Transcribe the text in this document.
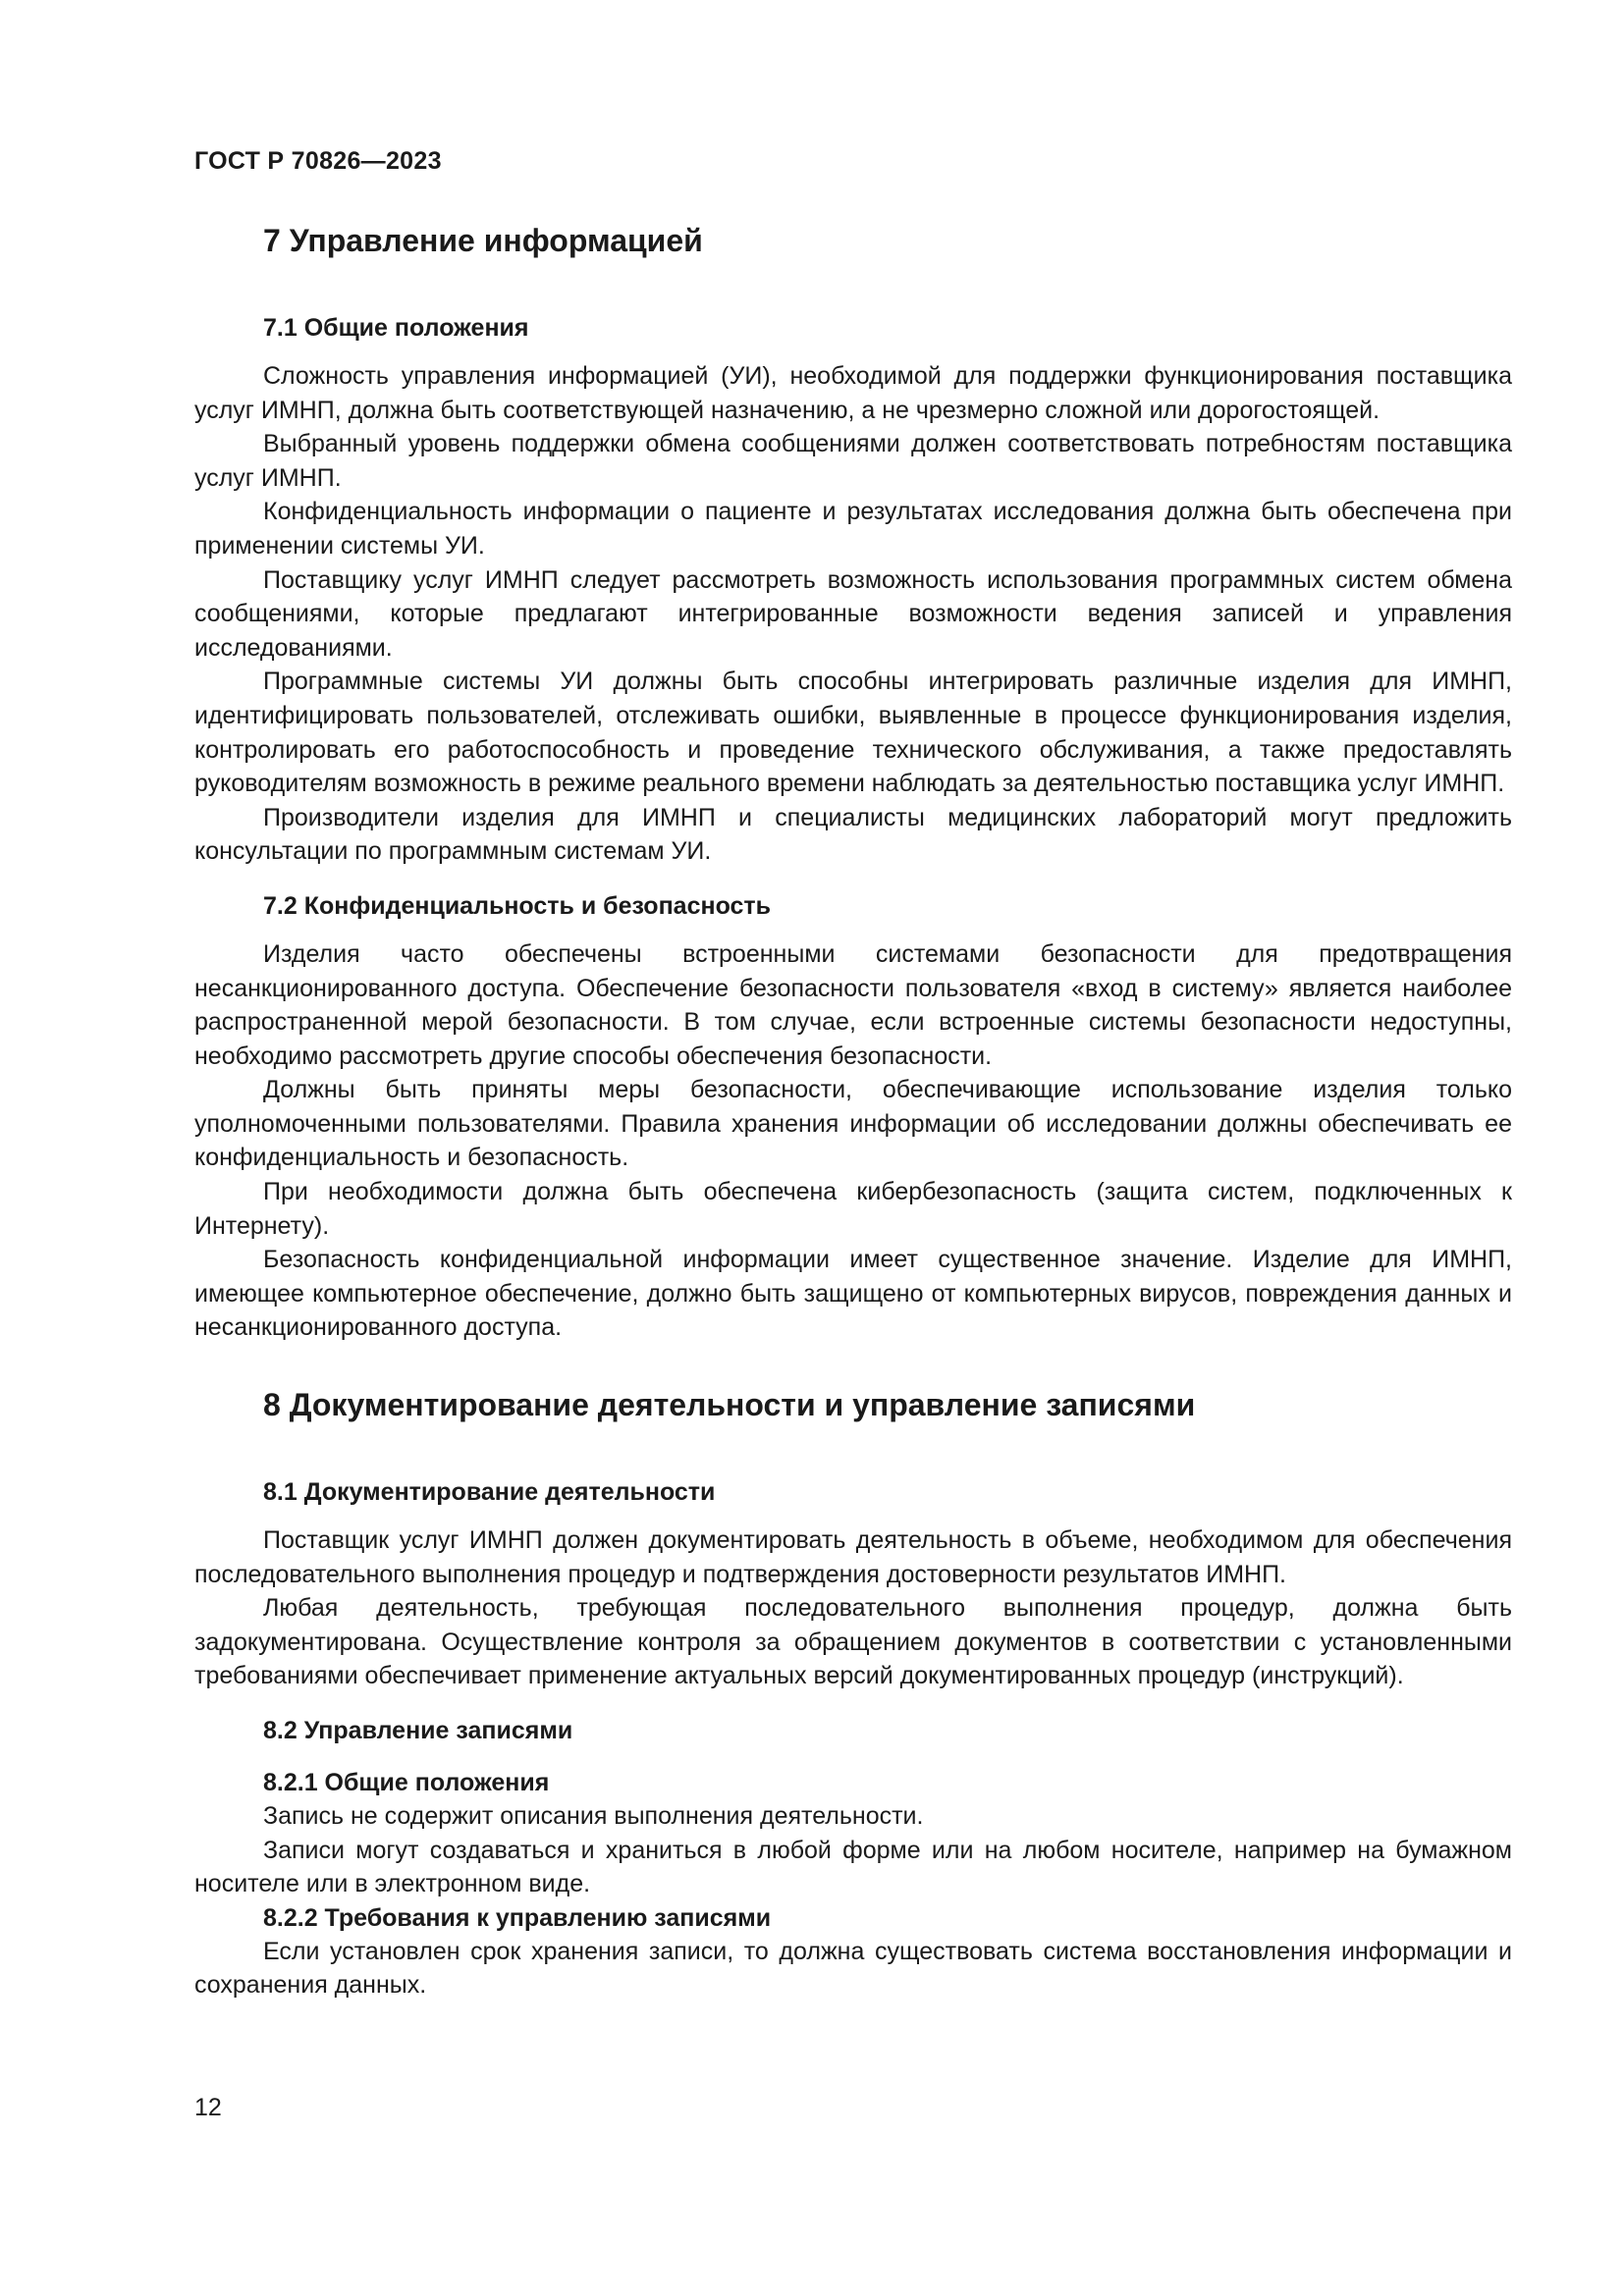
ГОСТ Р 70826—2023
7 Управление информацией
7.1 Общие положения

Сложность управления информацией (УИ), необходимой для поддержки функционирования поставщика услуг ИМНП, должна быть соответствующей назначению, а не чрезмерно сложной или дорогостоящей.

Выбранный уровень поддержки обмена сообщениями должен соответствовать потребностям поставщика услуг ИМНП.

Конфиденциальность информации о пациенте и результатах исследования должна быть обеспечена при применении системы УИ.

Поставщику услуг ИМНП следует рассмотреть возможность использования программных систем обмена сообщениями, которые предлагают интегрированные возможности ведения записей и управления исследованиями.

Программные системы УИ должны быть способны интегрировать различные изделия для ИМНП, идентифицировать пользователей, отслеживать ошибки, выявленные в процессе функционирования изделия, контролировать его работоспособность и проведение технического обслуживания, а также предоставлять руководителям возможность в режиме реального времени наблюдать за деятельностью поставщика услуг ИМНП.

Производители изделия для ИМНП и специалисты медицинских лабораторий могут предложить консультации по программным системам УИ.

7.2 Конфиденциальность и безопасность

Изделия часто обеспечены встроенными системами безопасности для предотвращения несанкционированного доступа. Обеспечение безопасности пользователя «вход в систему» является наиболее распространенной мерой безопасности. В том случае, если встроенные системы безопасности недоступны, необходимо рассмотреть другие способы обеспечения безопасности.

Должны быть приняты меры безопасности, обеспечивающие использование изделия только уполномоченными пользователями. Правила хранения информации об исследовании должны обеспечивать ее конфиденциальность и безопасность.

При необходимости должна быть обеспечена кибербезопасность (защита систем, подключенных к Интернету).

Безопасность конфиденциальной информации имеет существенное значение. Изделие для ИМНП, имеющее компьютерное обеспечение, должно быть защищено от компьютерных вирусов, повреждения данных и несанкционированного доступа.

8 Документирование деятельности и управление записями
8.1 Документирование деятельности

Поставщик услуг ИМНП должен документировать деятельность в объеме, необходимом для обеспечения последовательного выполнения процедур и подтверждения достоверности результатов ИМНП.

Любая деятельность, требующая последовательного выполнения процедур, должна быть задокументирована. Осуществление контроля за обращением документов в соответствии с установленными требованиями обеспечивает применение актуальных версий документированных процедур (инструкций).

8.2 Управление записями
8.2.1 Общие положения

Запись не содержит описания выполнения деятельности.

Записи могут создаваться и храниться в любой форме или на любом носителе, например на бумажном носителе или в электронном виде.

8.2.2 Требования к управлению записями

Если установлен срок хранения записи, то должна существовать система восстановления информации и сохранения данных.

12
